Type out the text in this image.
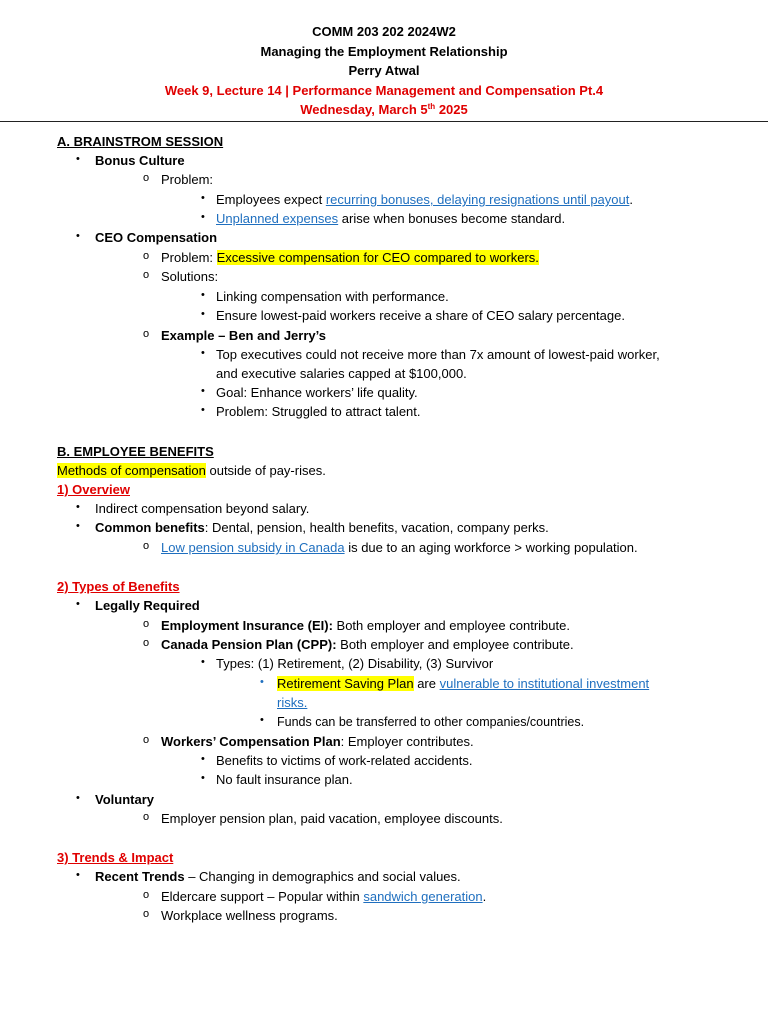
COMM 203 202 2024W2
Managing the Employment Relationship
Perry Atwal
Week 9, Lecture 14 | Performance Management and Compensation Pt.4
Wednesday, March 5th 2025
A. BRAINSTROM SESSION
•	Bonus Culture
o Problem:
• Employees expect recurring bonuses, delaying resignations until payout.
• Unplanned expenses arise when bonuses become standard.
•	CEO Compensation
o Problem: Excessive compensation for CEO compared to workers.
o Solutions:
• Linking compensation with performance.
• Ensure lowest-paid workers receive a share of CEO salary percentage.
o Example – Ben and Jerry’s
• Top executives could not receive more than 7x amount of lowest-paid worker,
and executive salaries capped at $100,000.
• Goal: Enhance workers’ life quality.
• Problem: Struggled to attract talent.
B. EMPLOYEE BENEFITS
Methods of compensation outside of pay-rises.
1) Overview
•	Indirect compensation beyond salary.
•	Common benefits: Dental, pension, health benefits, vacation, company perks.
o Low pension subsidy in Canada is due to an aging workforce > working population.
2) Types of Benefits
•	Legally Required
o Employment Insurance (EI): Both employer and employee contribute.
o Canada Pension Plan (CPP): Both employer and employee contribute.
• Types: (1) Retirement, (2) Disability, (3) Survivor
•	Retirement Saving Plan are vulnerable to institutional investment
risks.
•	Funds can be transferred to other companies/countries.
o Workers’ Compensation Plan: Employer contributes.
• Benefits to victims of work-related accidents.
• No fault insurance plan.
•	Voluntary
o Employer pension plan, paid vacation, employee discounts.
3) Trends & Impact
•	Recent Trends – Changing in demographics and social values.
o Eldercare support – Popular within sandwich generation.
o Workplace wellness programs.
